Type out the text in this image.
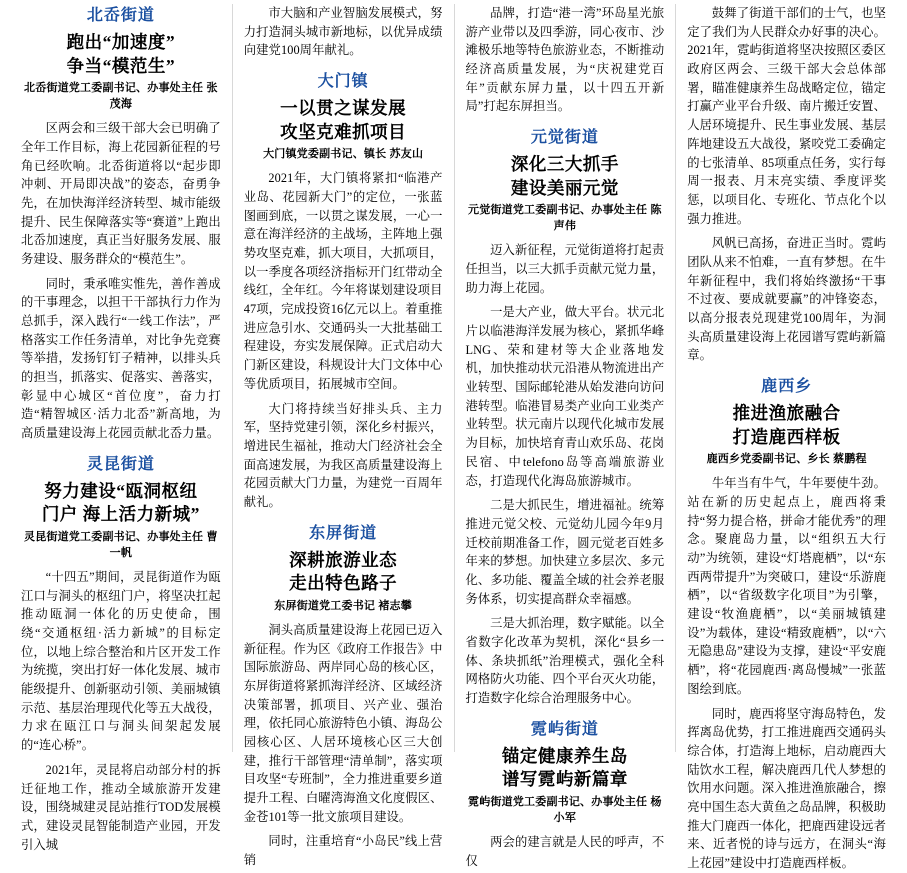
北岙街道
跑出“加速度”
争当“模范生”
北岙街道党工委副书记、办事处主任 张茂海

区两会和三级干部大会已明确了全年工作目标，海上花园新征程的号角已经吹响。北岙街道将以“起步即冲刺、开局即决战”的姿态，奋勇争先，在加快海洋经济转型、城市能级提升、民生保障落实等“赛道”上跑出北岙加速度，真正当好服务发展、服务建设、服务群众的“模范生”。

同时，秉承唯实惟先，善作善成的干事理念，以担干干部执行力作为总抓手，深入践行“一线工作法”，严格落实工作任务清单，对比争先竞赛等举措，发扬钉钉子精神，以排头兵的担当，抓落实、促落实、善落实，彰显中心城区“首位度”，奋力打造“精智城区·活力北岙”新高地，为高质量建设海上花园贡献北岙力量。

灵昆街道
努力建设“瓯洞枢纽
门户 海上活力新城”
灵昆街道党工委副书记、办事处主任 曹一帆

“十四五”期间，灵昆街道作为瓯江口与洞头的枢纽门户，将坚决扛起推动瓯洞一体化的历史使命，围绕“交通枢纽·活力新城”的目标定位，以地上综合整治和片区开发工作为统揽，突出打好一体化发展、城市能级提升、创新驱动引领、美丽城镇示范、基层治理现代化等五大战役，力求在瓯江口与洞头间架起发展的“连心桥”。

2021年，灵昆将启动部分村的拆迁征地工作，推动全域旅游开发建设，围绕城建灵昆站推行TOD发展模式，建设灵昆智能制造产业园，开发引入城

市大脑和产业智脑发展模式，努力打造洞头城市新地标，以优异成绩向建党100周年献礼。

大门镇
一以贯之谋发展
攻坚克难抓项目
大门镇党委副书记、镇长 苏友山

2021年，大门镇将紧扣“临港产业岛、花园新大门”的定位，一张蓝图画到底，一以贯之谋发展，一心一意在海洋经济的主战场，主阵地上强势攻坚克难，抓大项目，大抓项目，以一季度各项经济指标开门红带动全线红，全年红。今年将谋划建设项目47项，完成投资16亿元以上。着重推进应急引水、交通码头一大批基础工程建设，夯实发展保障。正式启动大门新区建设，科规设计大门文体中心等优质项目，拓展城市空间。

大门将持续当好排头兵、主力军，坚持党建引领，深化乡村振兴，增进民生福祉，推动大门经济社会全面高速发展，为我区高质量建设海上花园贡献大门力量，为建党一百周年献礼。

东屏街道
深耕旅游业态
走出特色路子
东屏街道党工委书记 褚志攀

洞头高质量建设海上花园已迈入新征程。作为区《政府工作报告》中国际旅游岛、两岸同心岛的核心区，东屏街道将紧抓海洋经济、区域经济决策部署，抓项目、兴产业、强治理，依托同心旅游特色小镇、海岛公园核心区、人居环境核心区三大创建，推行干部管理“清单制”，落实项目攻坚“专班制”，全力推进重要乡道提升工程、白曜湾海渔文化度假区、金苍101等一批文旅项目建设。

同时，注重培育“小岛民”线上营销

品牌，打造“港一湾”环岛星光旅游产业带以及四季游，同心夜市、沙滩极乐地等特色旅游业态，不断推动经济高质量发展，为“庆祝建党百年”贡献东屏力量，以十四五开新局”打起东屏担当。

元觉街道
深化三大抓手
建设美丽元觉
元觉街道党工委副书记、办事处主任 陈声伟

迈入新征程，元觉街道将打起责任担当，以三大抓手贡献元觉力量，助力海上花园。

一是大产业，做大平台。状元北片以临港海洋发展为核心，紧抓华峰LNG、荣和建材等大企业落地发机，加快推动状元沿港从物流进出产业转型、国际邮轮港从始发港向访问港转型。临港冒易类产业向工业类产业转型。状元南片以现代化城市发展为目标，加快培育青山欢乐岛、花岗民宿、中telefono岛等高端旅游业态，打造现代化海岛旅游城市。

二是大抓民生，增进福祉。统筹推进元觉父校、元觉幼儿园今年9月迁校前期准备工作，圆元觉老百姓多年来的梦想。加快建立多层次、多元化、多功能、覆盖全域的社会养老服务体系，切实提高群众幸福感。

三是大抓治理，数字赋能。以全省数字化改革为契机，深化“县乡一体、条块抓纸”治理模式，强化全科网格防火功能、四个平台灭火功能，打造数字化综合治理服务中心。

霓屿街道
锚定健康养生岛
谱写霓屿新篇章
霓屿街道党工委副书记、办事处主任 杨小军

两会的建言就是人民的呼声，不仅

鼓舞了街道干部们的士气，也坚定了我们为人民群众办好事的决心。2021年，霓屿街道将坚决按照区委区政府区两会、三级干部大会总体部署，瞄准健康养生岛战略定位，锚定打赢产业平台升级、南片搬迁安置、人居环境提升、民生事业发展、基层阵地建设五大战役，紧咬党工委确定的七张清单、85项重点任务，实行每周一报表、月末亮实绩、季度评奖惩，以项目化、专班化、节点化个以强力推进。

风帆已高扬，奋进正当时。霓屿团队从来不怕难，一直有梦想。在牛年新征程中，我们将始终激扬“干事不过夜、要成就要赢”的冲锋姿态，以高分报表兑现建党100周年，为洞头高质量建设海上花园谱写霓屿新篇章。

鹿西乡
推进渔旅融合
打造鹿西样板
鹿西乡党委副书记、乡长 蔡鹏程

牛年当有牛气，牛年要使牛劲。站在新的历史起点上，鹿西将秉持“努力提合格，拼命才能优秀”的理念。聚鹿岛力量，以“组织五大行动”为统领，建设“灯塔鹿栖”，以“东西两带提升”为突破口，建设“乐游鹿栖”，以“省级数字化项目”为引擎，建设“牧渔鹿栖”，以“美丽城镇建设”为载体，建设“精致鹿栖”，以“六无隐患岛”建设为支撑，建设“平安鹿栖”，将“花园鹿西·离岛慢城”一张蓝图绘到底。

同时，鹿西将坚守海岛特色，发挥离岛优势，打工推进鹿西交通码头综合体，打造海上地标，启动鹿西大陆饮水工程，解决鹿西几代人梦想的饮用水问题。深入推进渔旅融合，擦亮中国生态大黄鱼之岛品牌，积极助推大门鹿西一体化，把鹿西建设远者来、近者悦的诗与远方，在洞头“海上花园”建设中打造鹿西样板。
